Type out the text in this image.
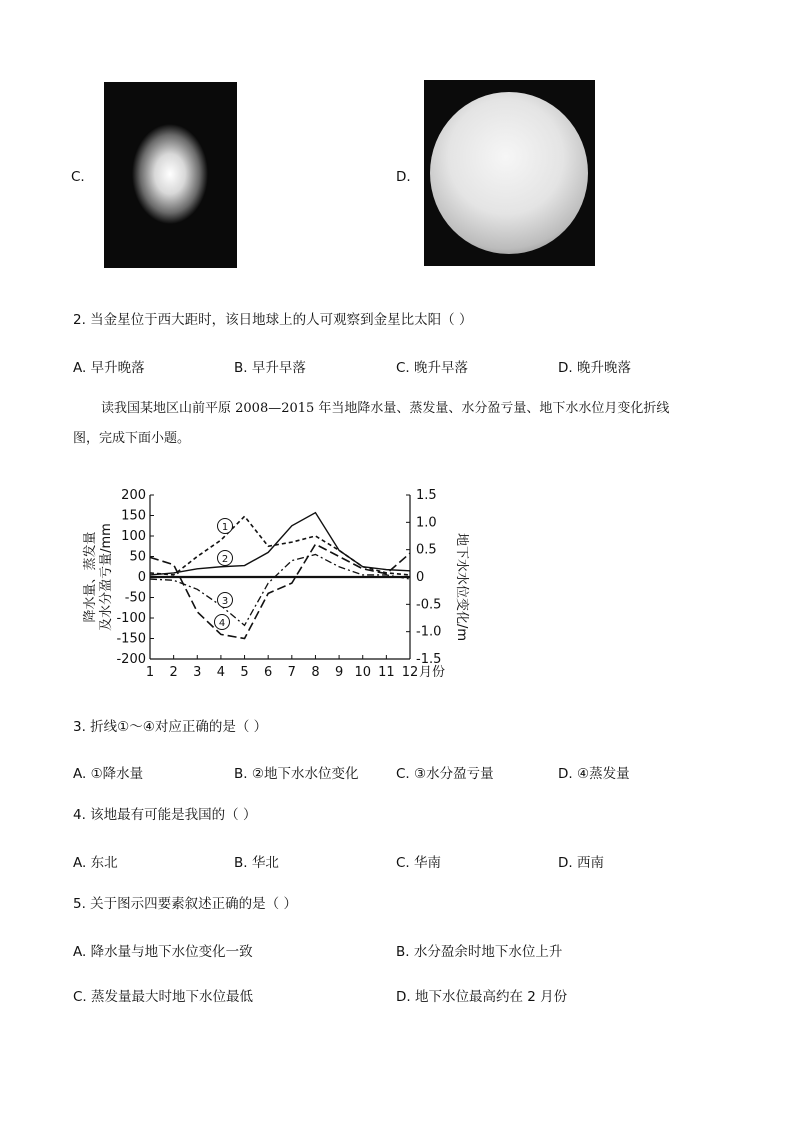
C.	D.
2. 当金星位于西大距时，该日地球上的人可观察到金星比太阳（ ）
A. 早升晚落	B. 早升早落	C. 晚升早落	D. 晚升晚落
读我国某地区山前平原 2008—2015 年当地降水量、蒸发量、水分盈亏量、地下水水位月变化折线
图，完成下面小题。
200
150
100
50
0
-50
-100
-150
-200
1.5
1.0
0.5
0
-0.5
-1.0
-1.5
1 2 3 4 5 6 7 8 9 10 11 12 月份
降水量、蒸发量 及水分盈亏量/mm	地下水水位变化/m
1
2
3
4
3. 折线①～④对应正确的是（ ）
A. ①降水量	B. ②地下水水位变化	C. ③水分盈亏量	D. ④蒸发量
4. 该地最有可能是我国的（ ）
A. 东北	B. 华北	C. 华南	D. 西南
5. 关于图示四要素叙述正确的是（ ）
A. 降水量与地下水位变化一致	B. 水分盈余时地下水位上升
C. 蒸发量最大时地下水位最低	D. 地下水位最高约在 2 月份
